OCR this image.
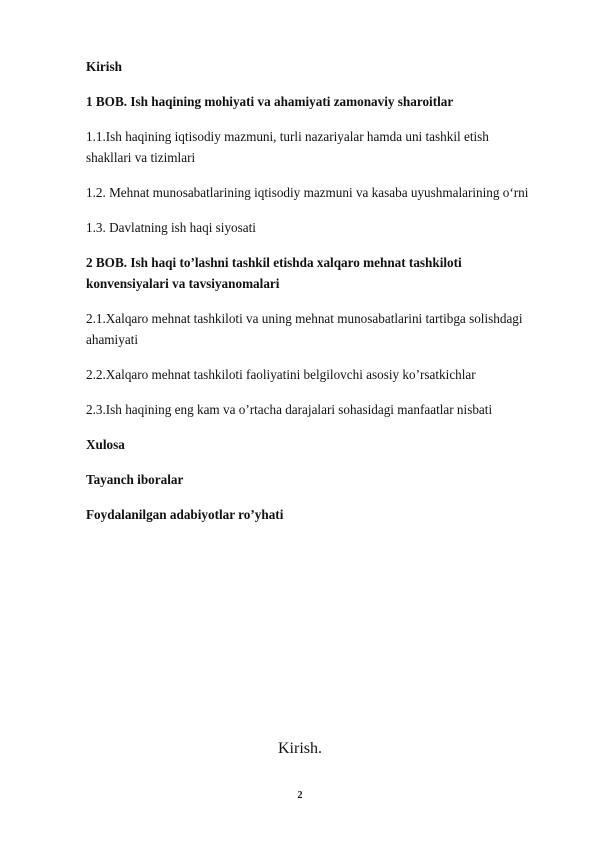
Kirish

1 BOB. Ish haqining mohiyati va ahamiyati zamonaviy sharoitlar

1.1.Ish haqining iqtisodiy mazmuni, turli nazariyalar hamda uni tashkil etish shakllari va tizimlari

1.2. Mehnat munosabatlarining iqtisodiy mazmuni va kasaba uyushmalarining o‘rni

1.3. Davlatning ish haqi siyosati

2 BOB. Ish haqi to’lashni tashkil etishda xalqaro mehnat tashkiloti konvensiyalari va tavsiyanomalari

2.1.Xalqaro mehnat tashkiloti va uning mehnat munosabatlarini tartibga solishdagi ahamiyati

2.2.Xalqaro mehnat tashkiloti faoliyatini belgilovchi asosiy ko’rsatkichlar

2.3.Ish haqining eng kam va o’rtacha darajalari sohasidagi manfaatlar nisbati

Xulosa

Tayanch iboralar

Foydalanilgan adabiyotlar ro’yhati

Kirish.
2
